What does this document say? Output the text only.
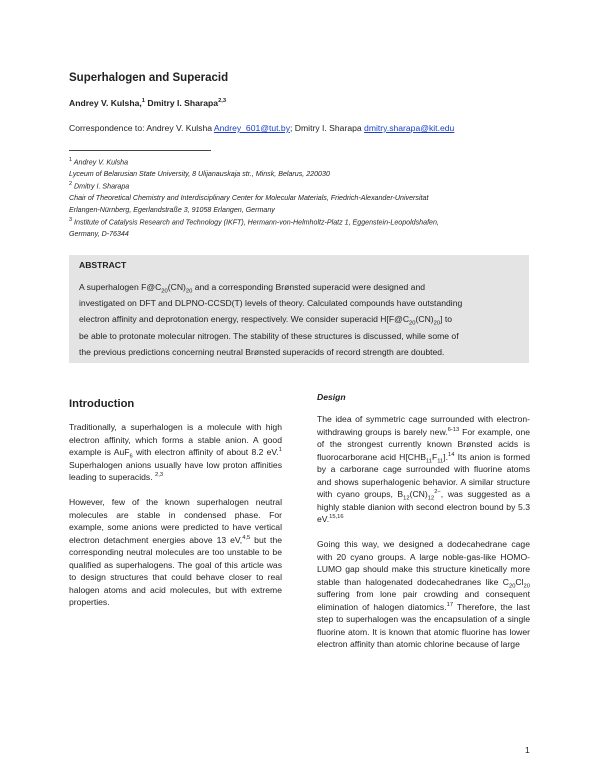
Superhalogen and Superacid
Andrey V. Kulsha,$^1$ Dmitry I. Sharapa$^{2,3}$
Correspondence to: Andrey V. Kulsha Andrey_601@tut.by; Dmitry I. Sharapa dmitry.sharapa@kit.edu
$^1$ Andrey V. Kulsha
Lyceum of Belarusian State University, 8 Ulijanauskaja str., Minsk, Belarus, 220030
$^2$ Dmitry I. Sharapa
Chair of Theoretical Chemistry and Interdisciplinary Center for Molecular Materials, Friedrich-Alexander-Universitat
Erlangen-Nürnberg, Egerlandstraße 3, 91058 Erlangen, Germany
$^3$ Institute of Catalysis Research and Technology (IKFT), Hermann-von-Helmholtz-Platz 1, Eggenstein-Leopoldshafen,
Germany, D-76344
ABSTRACT
A superhalogen $F@C_{20}(CN)_{20}$ and a corresponding Brønsted superacid were designed and
investigated on DFT and DLPNO-CCSD(T) levels of theory. Calculated compounds have outstanding
electron affinity and deprotonation energy, respectively. We consider superacid $H[F@C_{20}(CN)_{20}]$ to
be able to protonate molecular nitrogen. The stability of these structures is discussed, while some of
the previous predictions concerning neutral Brønsted superacids of record strength are doubted.
Introduction

Traditionally, a superhalogen is a molecule with high electron affinity, which forms a stable anion. A good example is AuF$_6$ with electron affinity of about 8.2 eV.$^1$ Superhalogen anions usually have low proton affinities leading to superacids. $^{2,3}$

However, few of the known superhalogen neutral molecules are stable in condensed phase. For example, some anions were predicted to have vertical electron detachment energies above 13 eV,$^{4,5}$ but the corresponding neutral molecules are too unstable to be qualified as superhalogens. The goal of this article was to design structures that could behave closer to real halogen atoms and acid molecules, but with extreme properties.

Design

The idea of symmetric cage surrounded with electron-withdrawing groups is barely new.$^{6-13}$ For example, one of the strongest currently known Brønsted acids is fluorocarborane acid $H[CHB_{11}F_{11}].^{14}$ Its anion is formed by a carborane cage surrounded with fluorine atoms and shows superhalogenic behavior. A similar structure with cyano groups, $B_{12}(CN)_{12}^{2-}$, was suggested as a highly stable dianion with second electron bound by 5.3 eV.$^{15,16}$

Going this way, we designed a dodecahedrane cage with 20 cyano groups. A large noble-gas-like HOMO-LUMO gap should make this structure kinetically more stable than halogenated dodecahedranes like $C_{20}Cl_{20}$ suffering from lone pair crowding and consequent elimination of halogen diatomics.$^{17}$ Therefore, the last step to superhalogen was the encapsulation of a single fluorine atom. It is known that atomic fluorine has lower electron affinity than atomic chlorine because of large

1
